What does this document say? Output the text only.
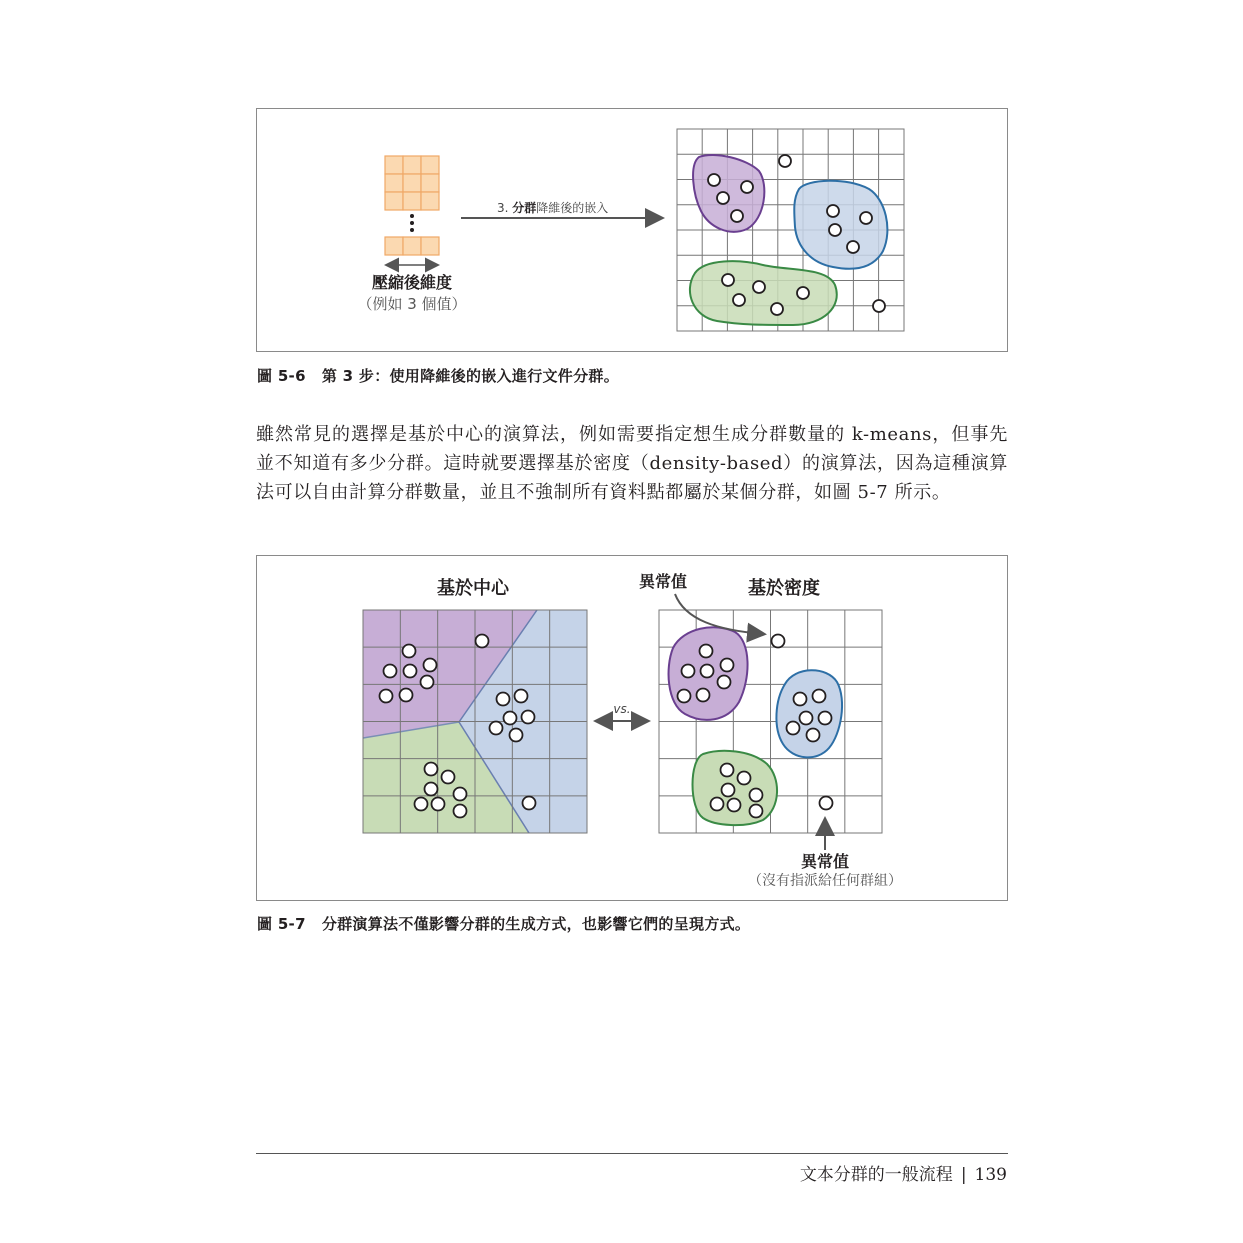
壓縮後維度
（例如 3 個值）
3. 分群降維後的嵌入
圖 5-6 第 3 步：使用降維後的嵌入進行文件分群。

雖然常見的選擇是基於中心的演算法，例如需要指定想生成分群數量的 k-means，但事先並不知道有多少分群。這時就要選擇基於密度（density-based）的演算法，因為這種演算法可以自由計算分群數量，並且不強制所有資料點都屬於某個分群，如圖 5-7 所示。

基於中心	基於密度
vs.
異常值
異常值
（沒有指派給任何群組）
圖 5-7 分群演算法不僅影響分群的生成方式，也影響它們的呈現方式。
文本分群的一般流程 | 139
